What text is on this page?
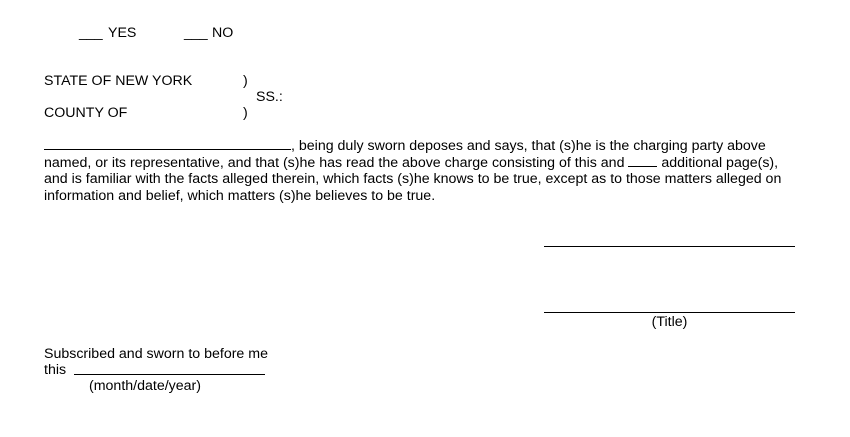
___ YES	___ NO
STATE OF NEW YORK	)
SS.:
COUNTY OF	)
, being duly sworn deposes and says, that (s)he is the charging party above
named, or its representative, and that (s)he has read the above charge consisting of this and	additional page(s),
and is familiar with the facts alleged therein, which facts (s)he knows to be true, except as to those matters alleged on
information and belief, which matters (s)he believes to be true.
(Title)
Subscribed and sworn to before me
this
(month/date/year)
